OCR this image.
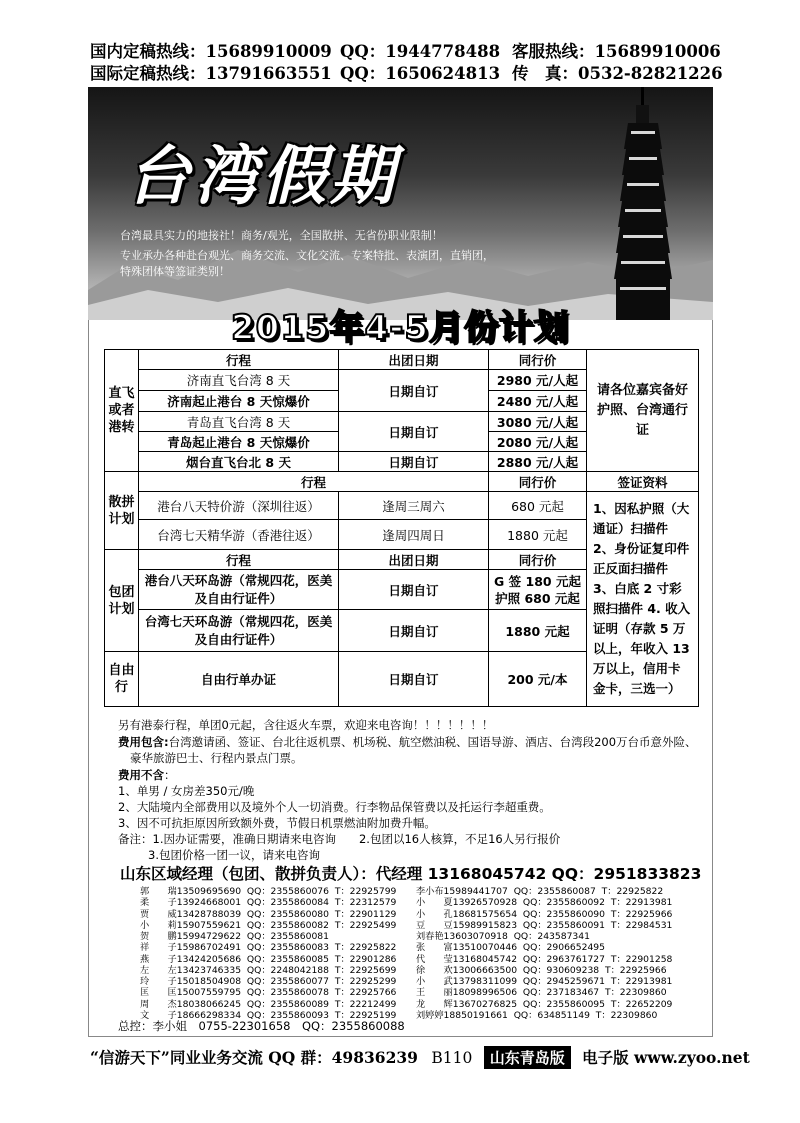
国内定稿热线：15689910009 QQ：1944778488 客服热线：15689910006
国际定稿热线：13791663551 QQ：1650624813 传　真：0532-82821226
台湾假期
台湾最具实力的地接社！商务/观光，全国散拼、无省份职业限制！
专业承办各种赴台观光、商务交流、文化交流、专案特批、表演团，直销团，
特殊团体等签证类别！
2015年4-5月份计划
直飞或者港转	行程	出团日期	同行价	请各位嘉宾备好护照、台湾通行证
	济南直飞台湾 8 天	日期自订	2980 元/人起	
	济南起止港台 8 天惊爆价		2480 元/人起	
	青岛直飞台湾 8 天	日期自订	3080 元/人起	
	青岛起止港台 8 天惊爆价		2080 元/人起	
	烟台直飞台北 8 天	日期自订	2880 元/人起	
散拼计划	行程		同行价	签证资料
	港台八天特价游（深圳往返）	逢周三周六	680 元起	1、因私护照（大通证）扫描件 2、身份证复印件正反面扫描件 3、白底 2 寸彩照扫描件 4. 收入证明（存款 5 万以上，年收入 13 万以上，信用卡金卡，三选一）
	台湾七天精华游（香港往返）	逢周四周日	1880 元起	
包团计划	行程	出团日期	同行价	
	港台八天环岛游（常规四花，医美及自由行证件）	日期自订	G 签 180 元起
护照 680 元起	

	台湾七天环岛游（常规四花，医美及自由行证件）	日期自订	1880 元起	
自由行	自由行单办证	日期自订	200 元/本	
另有港泰行程，单团0元起，含往返火车票，欢迎来电咨询！！！！！！！
费用包含:台湾邀请函、签证、台北往返机票、机场税、航空燃油税、国语导游、酒店、台湾段200万台币意外险、
豪华旅游巴士、行程内景点门票。
费用不含：
1、单男 / 女房差350元/晚
2、大陆境内全部费用以及境外个人一切消费。行李物品保管费以及托运行李超重费。
3、因不可抗拒原因所致额外费，节假日机票燃油附加费升幅。
备注：1.因办证需要，准确日期请来电咨询　　2.包团以16人核算，不足16人另行报价
3.包团价格一团一议，请来电咨询
山东区域经理（包团、散拼负责人）：代经理 13168045742 QQ：2951833823
郭　　瑞13509695690  QQ：2355860076  T：22925799
柔　　子13924668001  QQ：2355860084  T：22312579
贾　　威13428788039  QQ：2355860080  T：22901129
小　　莉15907559621  QQ：2355860082  T：22925499
贺　　鹏15994729622  QQ：2355860081
祥　　子15986702491  QQ：2355860083  T：22925822
燕　　子13424205686  QQ：2355860085  T：22901286
左　　左13423746335  QQ：2248042188  T：22925699
玲　　子15018504908  QQ：2355860077  T：22925299
匡　　匡15007559795  QQ：2355860078  T：22925766
周　　杰18038066245  QQ：2355860089  T：22212499
文　　子18666298334  QQ：2355860093  T：22925199
李小布15989441707  QQ：2355860087  T：22925822
小　　夏13926570928  QQ：2355860092  T：22913981
小　　孔18681575654  QQ：2355860090  T：22925966
豆　　豆15989915823  QQ：2355860091  T：22984531
刘春艳13603070918  QQ：243587341
张　　富13510070446  QQ：2906652495
代　　莹13168045742  QQ：2963761727  T：22901258
徐　　欢13006663500  QQ：930609238  T：22925966
小　　武13798311099  QQ：2945259671  T：22913981
王　　丽18098996506  QQ：237183467  T：22309860
龙　　辉13670276825  QQ：2355860095  T：22652209
刘婷婷18850191661  QQ：634851149  T：22309860
总控：李小姐　0755-22301658　QQ：2355860088
“信游天下”同业业务交流 QQ 群：49836239 B110 山东青岛版 电子版 www.zyoo.net
